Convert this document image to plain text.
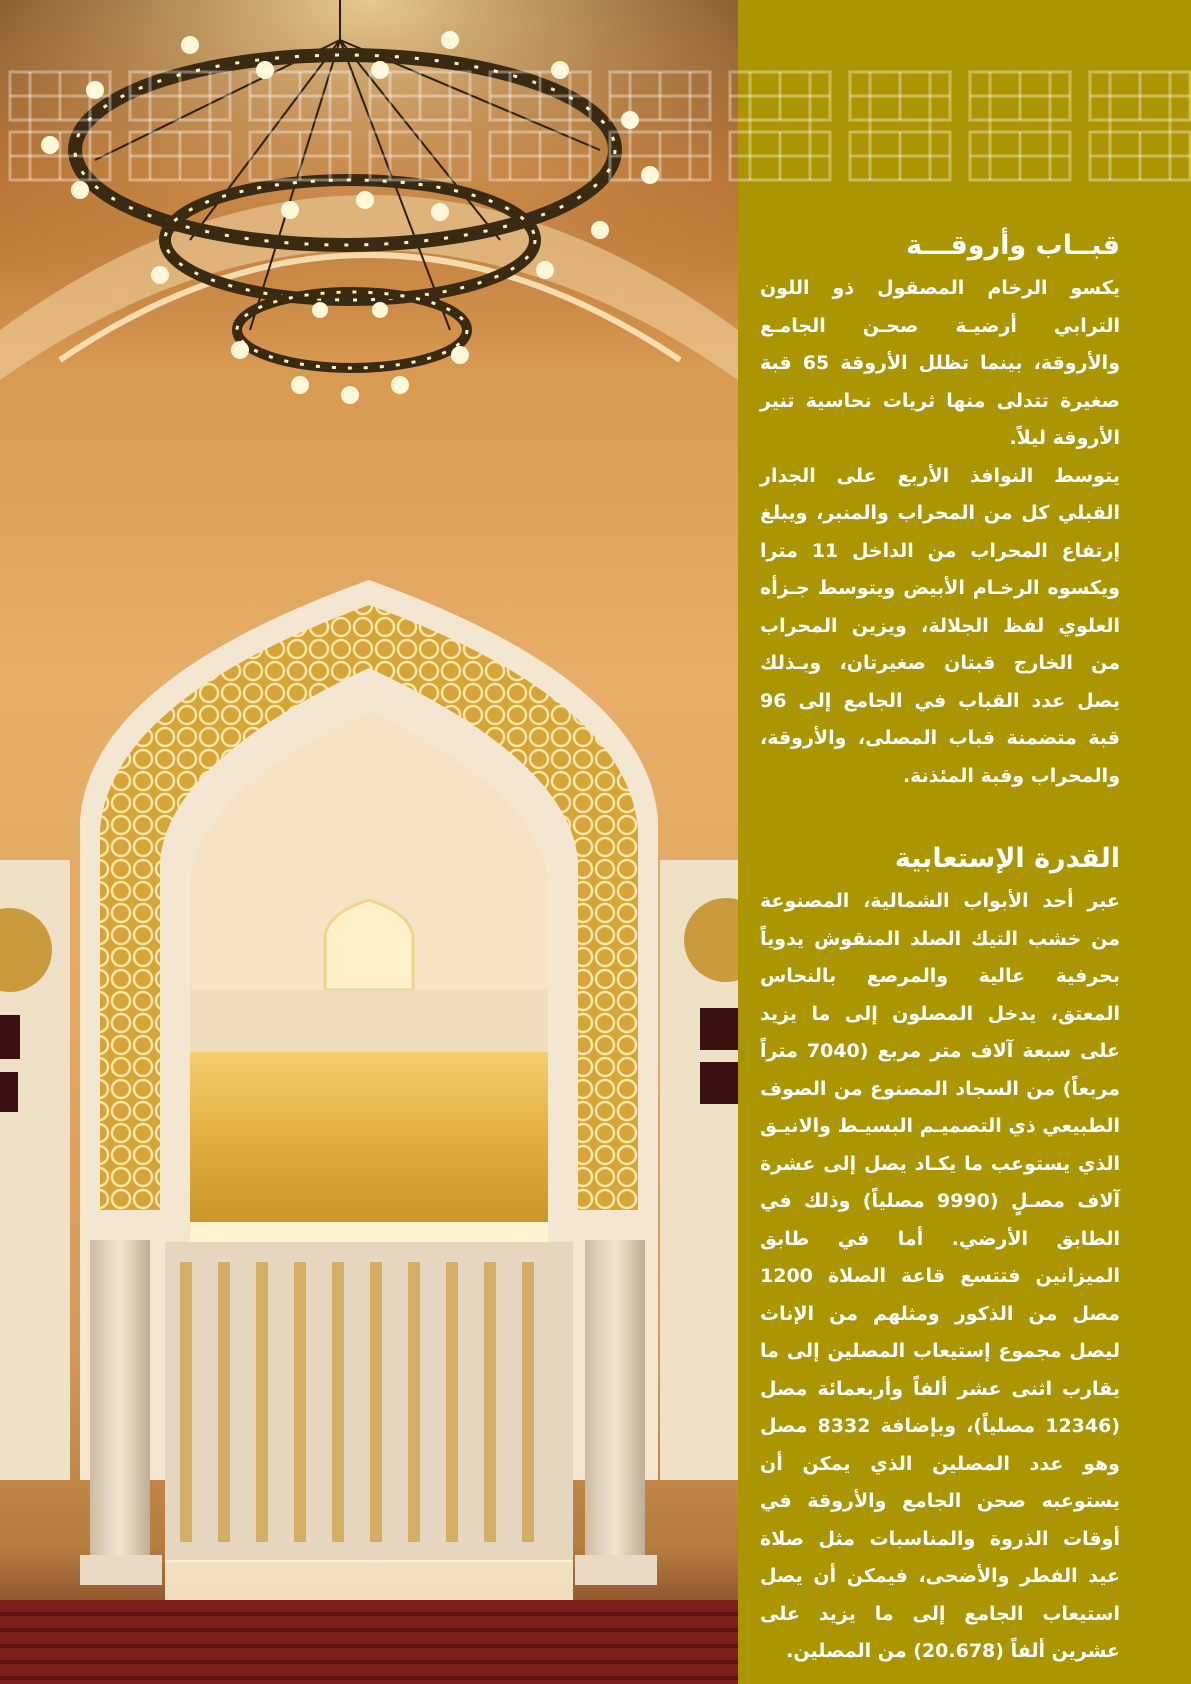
قبــاب وأروقـــة

يكسو الرخام المصقول ذو اللون الترابي أرضيـة صحـن الجامـع والأروقة، بينما تظلل الأروقة 65 قبة صغيرة تتدلى منها ثريات نحاسية تنير الأروقة ليلاً.

يتوسط النوافذ الأربع على الجدار القبلي كل من المحراب والمنبر، ويبلغ إرتفاع المحراب من الداخل 11 مترا ويكسوه الرخـام الأبيض ويتوسط جـزأه العلوي لفظ الجلالة، ويزين المحراب من الخارج قبتان صغيرتان، وبـذلك يصل عدد القباب في الجامع إلى 96 قبة متضمنة قباب المصلى، والأروقة، والمحراب وقبة المئذنة.

القدرة الإستعابية

عبر أحد الأبواب الشمالية، المصنوعة من خشب التيك الصلد المنقوش يدوياً بحرفية عالية والمرصع بالنحاس المعتق، يدخل المصلون إلى ما يزيد على سبعة آلاف متر مربع (7040 متراً مربعاً) من السجاد المصنوع من الصوف الطبيعي ذي التصميـم البسيـط والانيـق الذي يستوعب ما يكـاد يصل إلى عشرة آلاف مصـلٍ (9990 مصلياً) وذلك في الطابق الأرضي. أما في طابق الميزانين فتتسع قاعة الصلاة 1200 مصل من الذكور ومثلهم من الإناث ليصل مجموع إستيعاب المصلين إلى ما يقارب اثنى عشر ألفاً وأربعمائة مصل (12346 مصلياً)، وبإضافة 8332 مصل وهو عدد المصلين الذي يمكن أن يستوعبه صحن الجامع والأروقة في أوقات الذروة والمناسبات مثل صلاة عيد الفطر والأضحى، فيمكن أن يصل استيعاب الجامع إلى ما يزيد على عشرين ألفاً (20.678) من المصلين.
